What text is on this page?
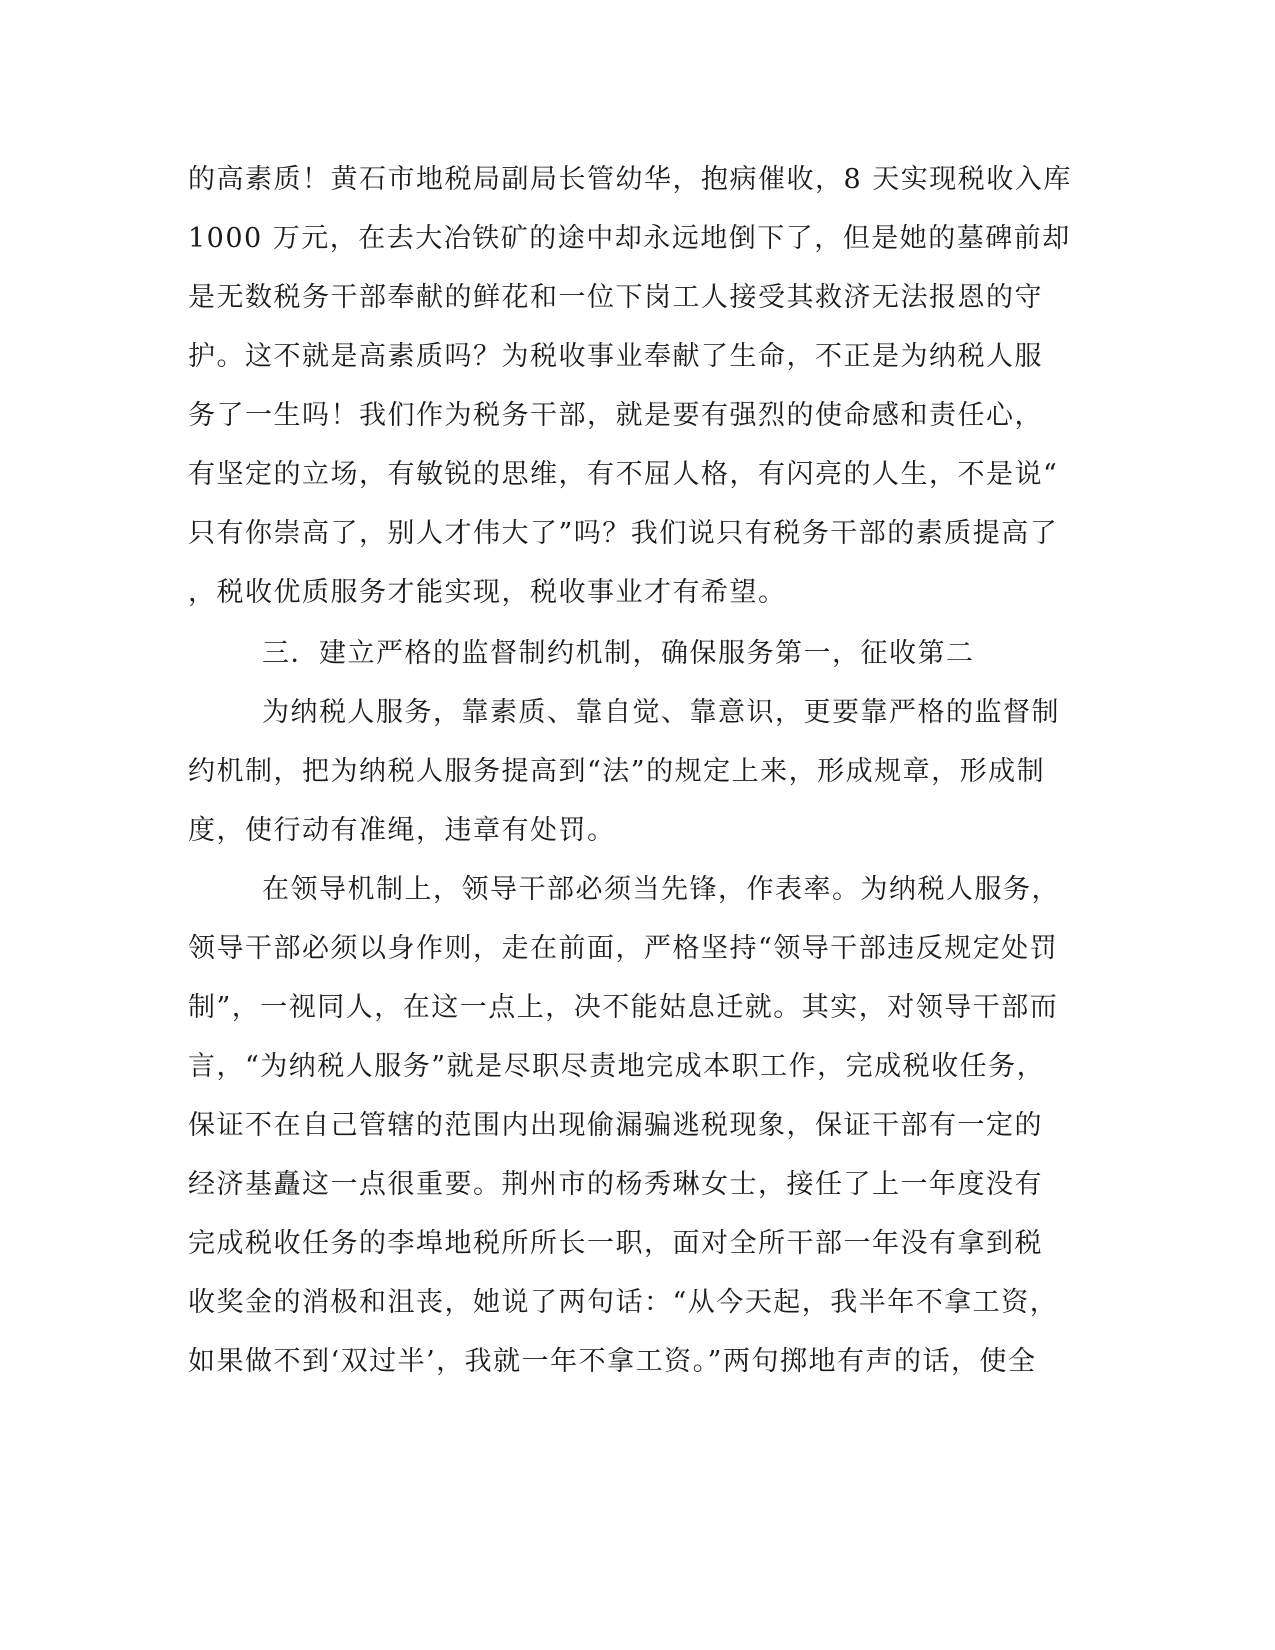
的高素质！黄石市地税局副局长管幼华，抱病催收，8 天实现税收入库
1000 万元，在去大冶铁矿的途中却永远地倒下了，但是她的墓碑前却
是无数税务干部奉献的鲜花和一位下岗工人接受其救济无法报恩的守
护。这不就是高素质吗？为税收事业奉献了生命，不正是为纳税人服
务了一生吗！我们作为税务干部，就是要有强烈的使命感和责任心，
有坚定的立场，有敏锐的思维，有不屈人格，有闪亮的人生，不是说“
只有你崇高了，别人才伟大了”吗？我们说只有税务干部的素质提高了
，税收优质服务才能实现，税收事业才有希望。
三．建立严格的监督制约机制，确保服务第一，征收第二
为纳税人服务，靠素质、靠自觉、靠意识，更要靠严格的监督制
约机制，把为纳税人服务提高到“法”的规定上来，形成规章，形成制
度，使行动有准绳，违章有处罚。
在领导机制上，领导干部必须当先锋，作表率。为纳税人服务，
领导干部必须以身作则，走在前面，严格坚持“领导干部违反规定处罚
制”，一视同人，在这一点上，决不能姑息迁就。其实，对领导干部而
言，“为纳税人服务”就是尽职尽责地完成本职工作，完成税收任务，
保证不在自己管辖的范围内出现偷漏骗逃税现象，保证干部有一定的
经济基矗这一点很重要。荆州市的杨秀琳女士，接任了上一年度没有
完成税收任务的李埠地税所所长一职，面对全所干部一年没有拿到税
收奖金的消极和沮丧，她说了两句话：“从今天起，我半年不拿工资，
如果做不到‘双过半’，我就一年不拿工资。”两句掷地有声的话，使全
